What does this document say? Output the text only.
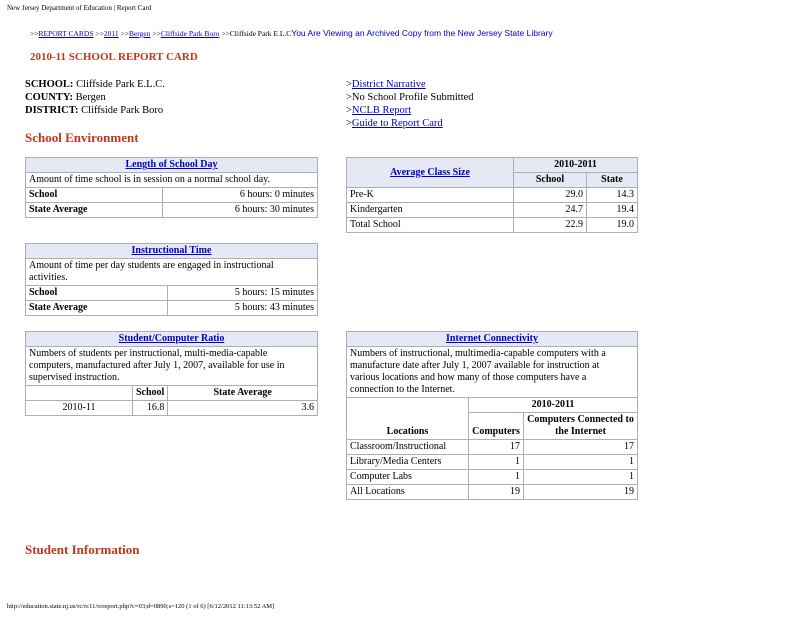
New Jersey Department of Education | Report Card
>>REPORT CARDS >>2011 >>Bergen >>Cliffside Park Boro >>Cliffside Park E.L.CYou Are Viewing an Archived Copy from the New Jersey State Library
2010-11 SCHOOL REPORT CARD
SCHOOL: Cliffside Park E.L.C.
COUNTY: Bergen
DISTRICT: Cliffside Park Boro
>District Narrative
>No School Profile Submitted
>NCLB Report
>Guide to Report Card
School Environment
Length of School Day	
Amount of time school is in session on a normal school day.	
School	6 hours: 0 minutes
State Average	6 hours: 30 minutes
Instructional Time	
Amount of time per day students are engaged in instructional activities.	
School	5 hours: 15 minutes
State Average	5 hours: 43 minutes
Student/Computer Ratio		
Numbers of students per instructional, multi-media-capable computers, manufactured after July 1, 2007, available for use in supervised instruction.		
	School	State Average
2010-11	16.8	3.6
Average Class Size	2010-2011	
	School	State
Pre-K	29.0	14.3
Kindergarten	24.7	19.4
Total School	22.9	19.0
Internet Connectivity		
Numbers of instructional, multimedia-capable computers with a manufacture date after July 1, 2007 available for instruction at various locations and how many of those computers have a connection to the Internet.		
Locations	2010-2011	
	Computers	Computers Connected to the Internet
Classroom/Instructional	17	17
Library/Media Centers	1	1
Computer Labs	1	1
All Locations	19	19
Student Information
http://education.state.nj.us/rc/rc11/rcreport.php?c=03;d=0890;s=120 (1 of 6) [6/12/2012 11:13:52 AM]
